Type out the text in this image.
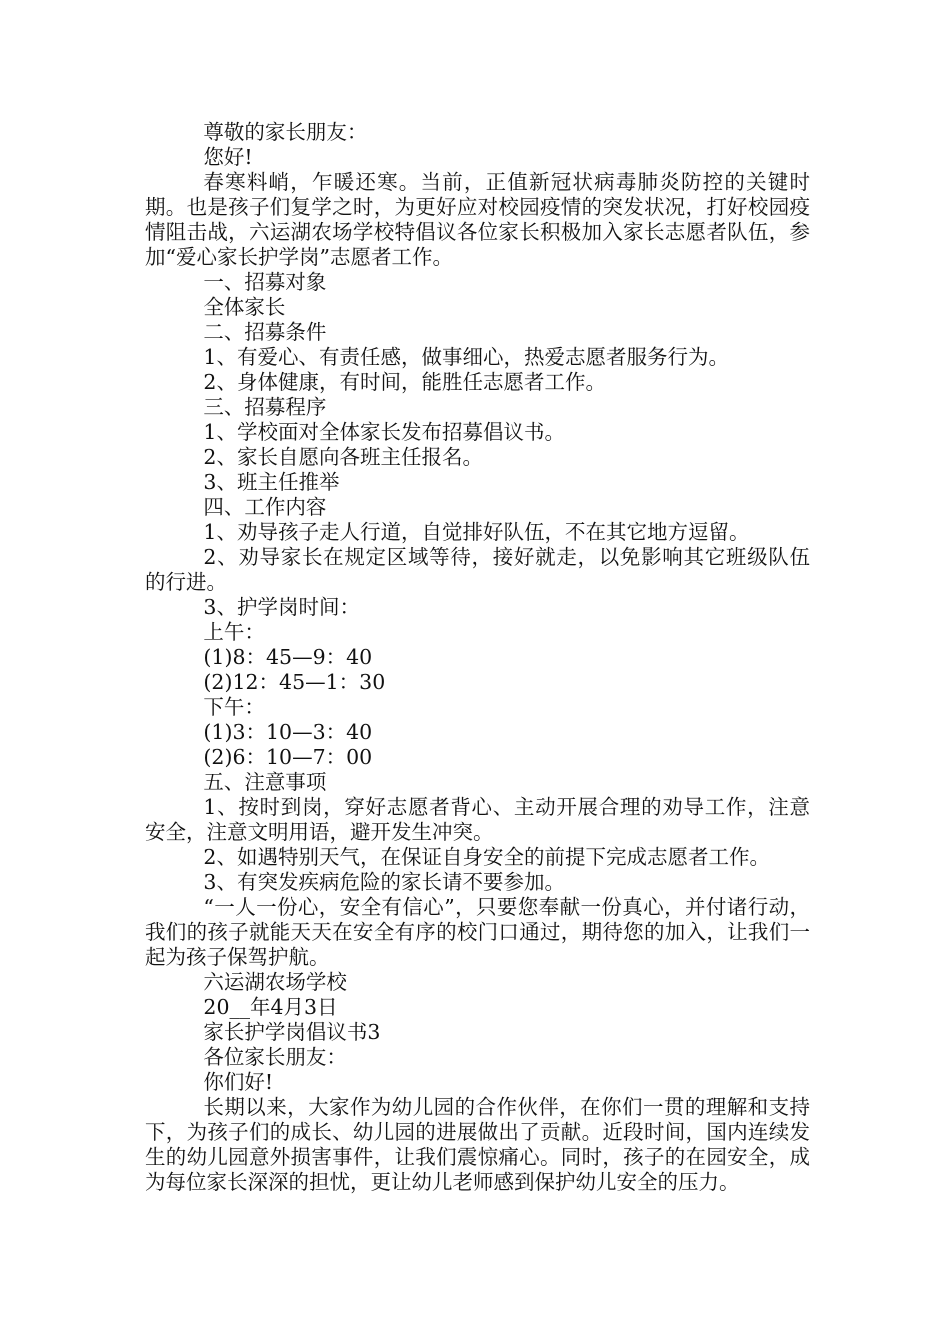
尊敬的家长朋友：

您好!

春寒料峭，乍暖还寒。当前，正值新冠状病毒肺炎防控的关键时期。也是孩子们复学之时，为更好应对校园疫情的突发状况，打好校园疫情阻击战，六运湖农场学校特倡议各位家长积极加入家长志愿者队伍，参加“爱心家长护学岗”志愿者工作。

一、招募对象

全体家长

二、招募条件

1、有爱心、有责任感，做事细心，热爱志愿者服务行为。

2、身体健康，有时间，能胜任志愿者工作。

三、招募程序

1、学校面对全体家长发布招募倡议书。

2、家长自愿向各班主任报名。

3、班主任推举

四、工作内容

1、劝导孩子走人行道，自觉排好队伍，不在其它地方逗留。

2、劝导家长在规定区域等待，接好就走，以免影响其它班级队伍的行进。

3、护学岗时间：

上午：

(1)8：45—9：40

(2)12：45—1：30

下午：

(1)3：10—3：40

(2)6：10—7：00

五、注意事项

1、按时到岗，穿好志愿者背心、主动开展合理的劝导工作，注意安全，注意文明用语，避开发生冲突。

2、如遇特别天气，在保证自身安全的前提下完成志愿者工作。

3、有突发疾病危险的家长请不要参加。

“一人一份心，安全有信心”，只要您奉献一份真心，并付诸行动，我们的孩子就能天天在安全有序的校门口通过，期待您的加入，让我们一起为孩子保驾护航。

六运湖农场学校

20__年4月3日

家长护学岗倡议书3

各位家长朋友：

你们好!

长期以来，大家作为幼儿园的合作伙伴，在你们一贯的理解和支持下，为孩子们的成长、幼儿园的进展做出了贡献。近段时间，国内连续发生的幼儿园意外损害事件，让我们震惊痛心。同时，孩子的在园安全，成为每位家长深深的担忧，更让幼儿老师感到保护幼儿安全的压力。
